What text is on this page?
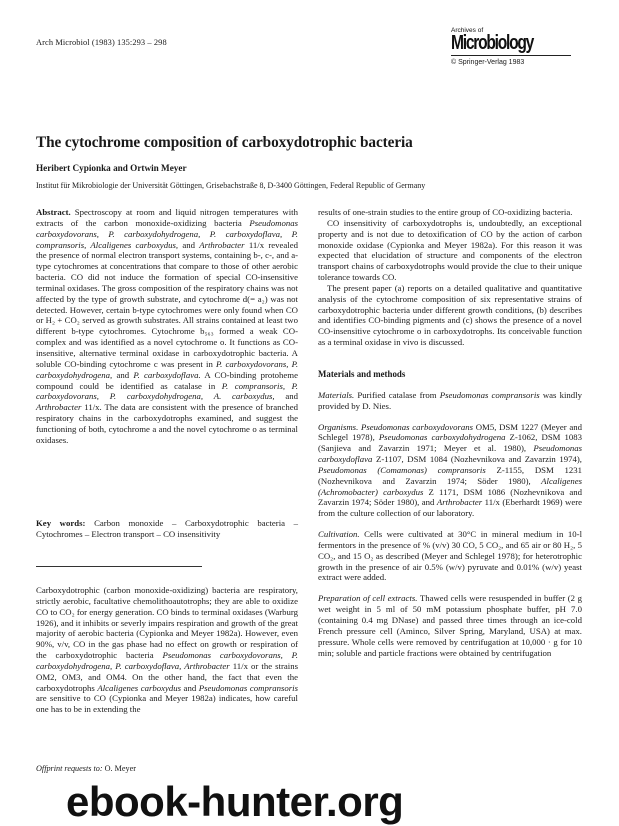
Arch Microbiol (1983) 135:293 – 298
Archives of
Microbiology
© Springer-Verlag 1983
The cytochrome composition of carboxydotrophic bacteria
Heribert Cypionka and Ortwin Meyer
Institut für Mikrobiologie der Universität Göttingen, Grisebachstraße 8, D-3400 Göttingen, Federal Republic of Germany

Abstract. Spectroscopy at room and liquid nitrogen temperatures with extracts of the carbon monoxide-oxidizing bacteria Pseudomonas carboxydovorans, P. carboxydohydrogena, P. carboxydoflava, P. compransoris, Alcaligenes carboxydus, and Arthrobacter 11/x revealed the presence of normal electron transport systems, containing b-, c-, and a-type cytochromes at concentrations that compare to those of other aerobic bacteria. CO did not induce the formation of special CO-insensitive terminal oxidases. The gross composition of the respiratory chains was not affected by the type of growth substrate, and cytochrome d(= a₂) was not detected. However, certain b-type cytochromes were only found when CO or H₂ + CO₂ served as growth substrates. All strains contained at least two different b-type cytochromes. Cytochrome b₅₆₃ formed a weak CO-complex and was identified as a novel cytochrome o. It functions as CO-insensitive, alternative terminal oxidase in carboxydotrophic bacteria. A soluble CO-binding cytochrome c was present in P. carboxydovorans, P. carboxydohydrogena, and P. carboxydoflava. A CO-binding protoheme compound could be identified as catalase in P. compransoris, P. carboxydovorans, P. carboxydohydrogena, A. carboxydus, and Arthrobacter 11/x. The data are consistent with the presence of branched respiratory chains in the carboxydotrophs examined, and suggest the functioning of both, cytochrome a and the novel cytochrome o as terminal oxidases.

Key words: Carbon monoxide – Carboxydotrophic bacteria – Cytochromes – Electron transport – CO insensitivity

Carboxydotrophic (carbon monoxide-oxidizing) bacteria are respiratory, strictly aerobic, facultative chemolithoautotrophs; they are able to oxidize CO to CO₂ for energy generation. CO binds to terminal oxidases (Warburg 1926), and it inhibits or severly impairs respiration and growth of the great majority of aerobic bacteria (Cypionka and Meyer 1982a). However, even 90%, v/v, CO in the gas phase had no effect on growth or respiration of the carboxydotrophic bacteria Pseudomonas carboxydovorans, P. carboxydohydrogena, P. carboxydoflava, Arthrobacter 11/x or the strains OM2, OM3, and OM4. On the other hand, the fact that even the carboxydotrophs Alcaligenes carboxydus and Pseudomonas compransoris are sensitive to CO (Cypionka and Meyer 1982a) indicates, how careful one has to be in extending the

Offprint requests to: O. Meyer

results of one-strain studies to the entire group of CO-oxidizing bacteria.

CO insensitivity of carboxydotrophs is, undoubtedly, an exceptional property and is not due to detoxification of CO by the action of carbon monoxide oxidase (Cypionka and Meyer 1982a). For this reason it was expected that elucidation of structure and components of the electron transport chains of carboxydotrophs would provide the clue to their unique tolerance towards CO.

The present paper (a) reports on a detailed qualitative and quantitative analysis of the cytochrome composition of six representative strains of carboxydotrophic bacteria under different growth conditions, (b) describes and identifies CO-binding pigments and (c) shows the presence of a novel CO-insensitive cytochrome o in carboxydotrophs. Its conceivable function as a terminal oxidase in vivo is discussed.

Materials and methods

Materials. Purified catalase from Pseudomonas compransoris was kindly provided by D. Nies.

Organisms. Pseudomonas carboxydovorans OM5, DSM 1227 (Meyer and Schlegel 1978), Pseudomonas carboxydohydrogena Z-1062, DSM 1083 (Sanjieva and Zavarzin 1971; Meyer et al. 1980), Pseudomonas carboxydoflava Z-1107, DSM 1084 (Nozhevnikova and Zavarzin 1974), Pseudomonas (Comamonas) compransoris Z-1155, DSM 1231 (Nozhevnikova and Zavarzin 1974; Söder 1980), Alcaligenes (Achromobacter) carboxydus Z 1171, DSM 1086 (Nozhevnikova and Zavarzin 1974; Söder 1980), and Arthrobacter 11/x (Eberhardt 1969) were from the culture collection of our laboratory.

Cultivation. Cells were cultivated at 30°C in mineral medium in 10-l fermentors in the presence of % (v/v) 30 CO, 5 CO₂, and 65 air or 80 H₂, 5 CO₂, and 15 O₂ as described (Meyer and Schlegel 1978); for heterotrophic growth in the presence of air 0.5% (w/v) pyruvate and 0.01% (w/v) yeast extract were added.

Preparation of cell extracts. Thawed cells were resuspended in buffer (2 g wet weight in 5 ml of 50 mM potassium phosphate buffer, pH 7.0 (containing 0.4 mg DNase) and passed three times through an ice-cold French pressure cell (Aminco, Silver Spring, Maryland, USA) at max. pressure. Whole cells were removed by centrifugation at 10,000 · g for 10 min; soluble and particle fractions were obtained by centrifugation

ebook-hunter.org
